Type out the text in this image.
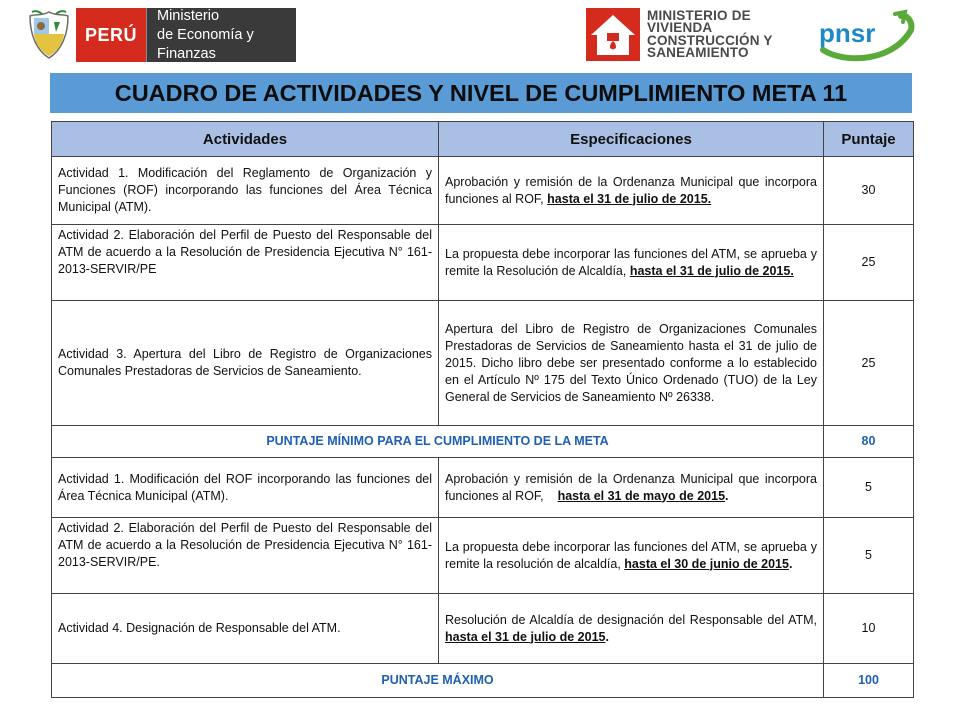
PERÚ
Ministerio
de Economía y Finanzas
MINISTERIO DE
VIVIENDA
CONSTRUCCIÓN Y
SANEAMIENTO
pnsr
CUADRO DE ACTIVIDADES Y NIVEL DE CUMPLIMIENTO META 11
Actividades	Especificaciones	Puntaje
Actividad 1. Modificación del Reglamento de Organización y Funciones (ROF) incorporando las funciones del Área Técnica Municipal (ATM).	Aprobación y remisión de la Ordenanza Municipal que incorpora funciones al ROF, hasta el 31 de julio de 2015.	30
Actividad 2. Elaboración del Perfil de Puesto del Responsable del ATM de acuerdo a la Resolución de Presidencia Ejecutiva N° 161-2013-SERVIR/PE	La propuesta debe incorporar las funciones del ATM, se aprueba y remite la Resolución de Alcaldía, hasta el 31 de julio de 2015.	25
Actividad 3. Apertura del Libro de Registro de Organizaciones Comunales Prestadoras de Servicios de Saneamiento.	Apertura del Libro de Registro de Organizaciones Comunales Prestadoras de Servicios de Saneamiento hasta el 31 de julio de 2015. Dicho libro debe ser presentado conforme a lo establecido en el Artículo Nº 175 del Texto Único Ordenado (TUO) de la Ley General de Servicios de Saneamiento Nº 26338.	25
PUNTAJE MÍNIMO PARA EL CUMPLIMIENTO DE LA META		80
Actividad 1. Modificación del ROF incorporando las funciones del Área Técnica Municipal (ATM).	Aprobación y remisión de la Ordenanza Municipal que incorpora funciones al ROF, hasta el 31 de mayo de 2015.	5
Actividad 2. Elaboración del Perfil de Puesto del Responsable del ATM de acuerdo a la Resolución de Presidencia Ejecutiva N° 161-2013-SERVIR/PE.	La propuesta debe incorporar las funciones del ATM, se aprueba y remite la resolución de alcaldía, hasta el 30 de junio de 2015.	5
Actividad 4. Designación de Responsable del ATM.	Resolución de Alcaldía de designación del Responsable del ATM, hasta el 31 de julio de 2015.	10
PUNTAJE MÁXIMO		100
